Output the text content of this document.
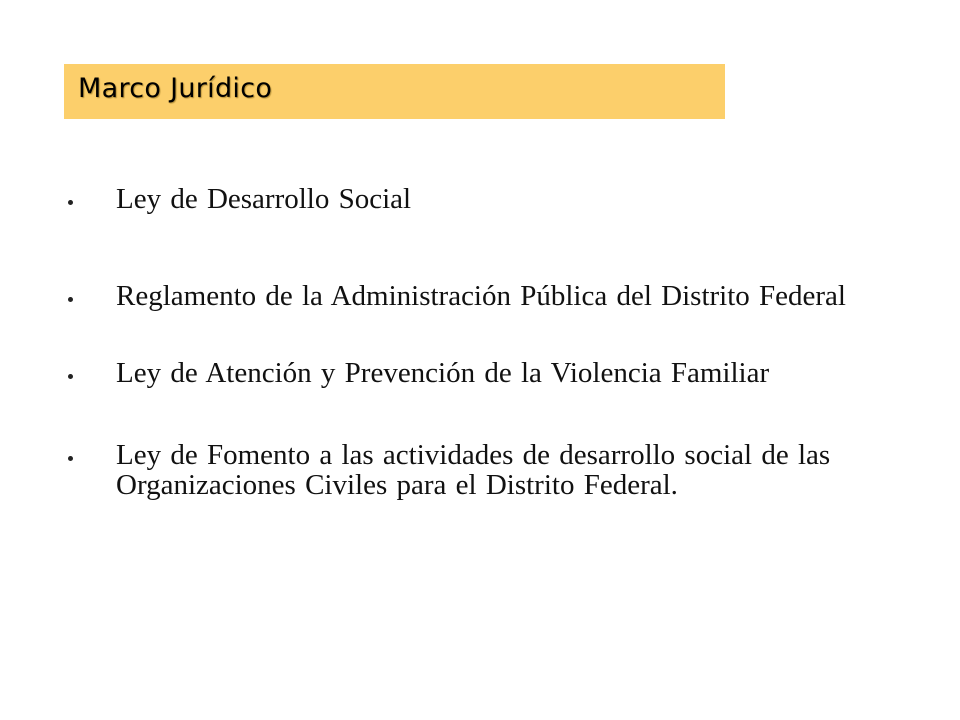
Marco Jurídico
Ley de Desarrollo Social
Reglamento de la Administración Pública del Distrito Federal
Ley de Atención y Prevención de la Violencia Familiar
Ley de Fomento a las actividades de desarrollo social de las Organizaciones Civiles para el Distrito Federal.
